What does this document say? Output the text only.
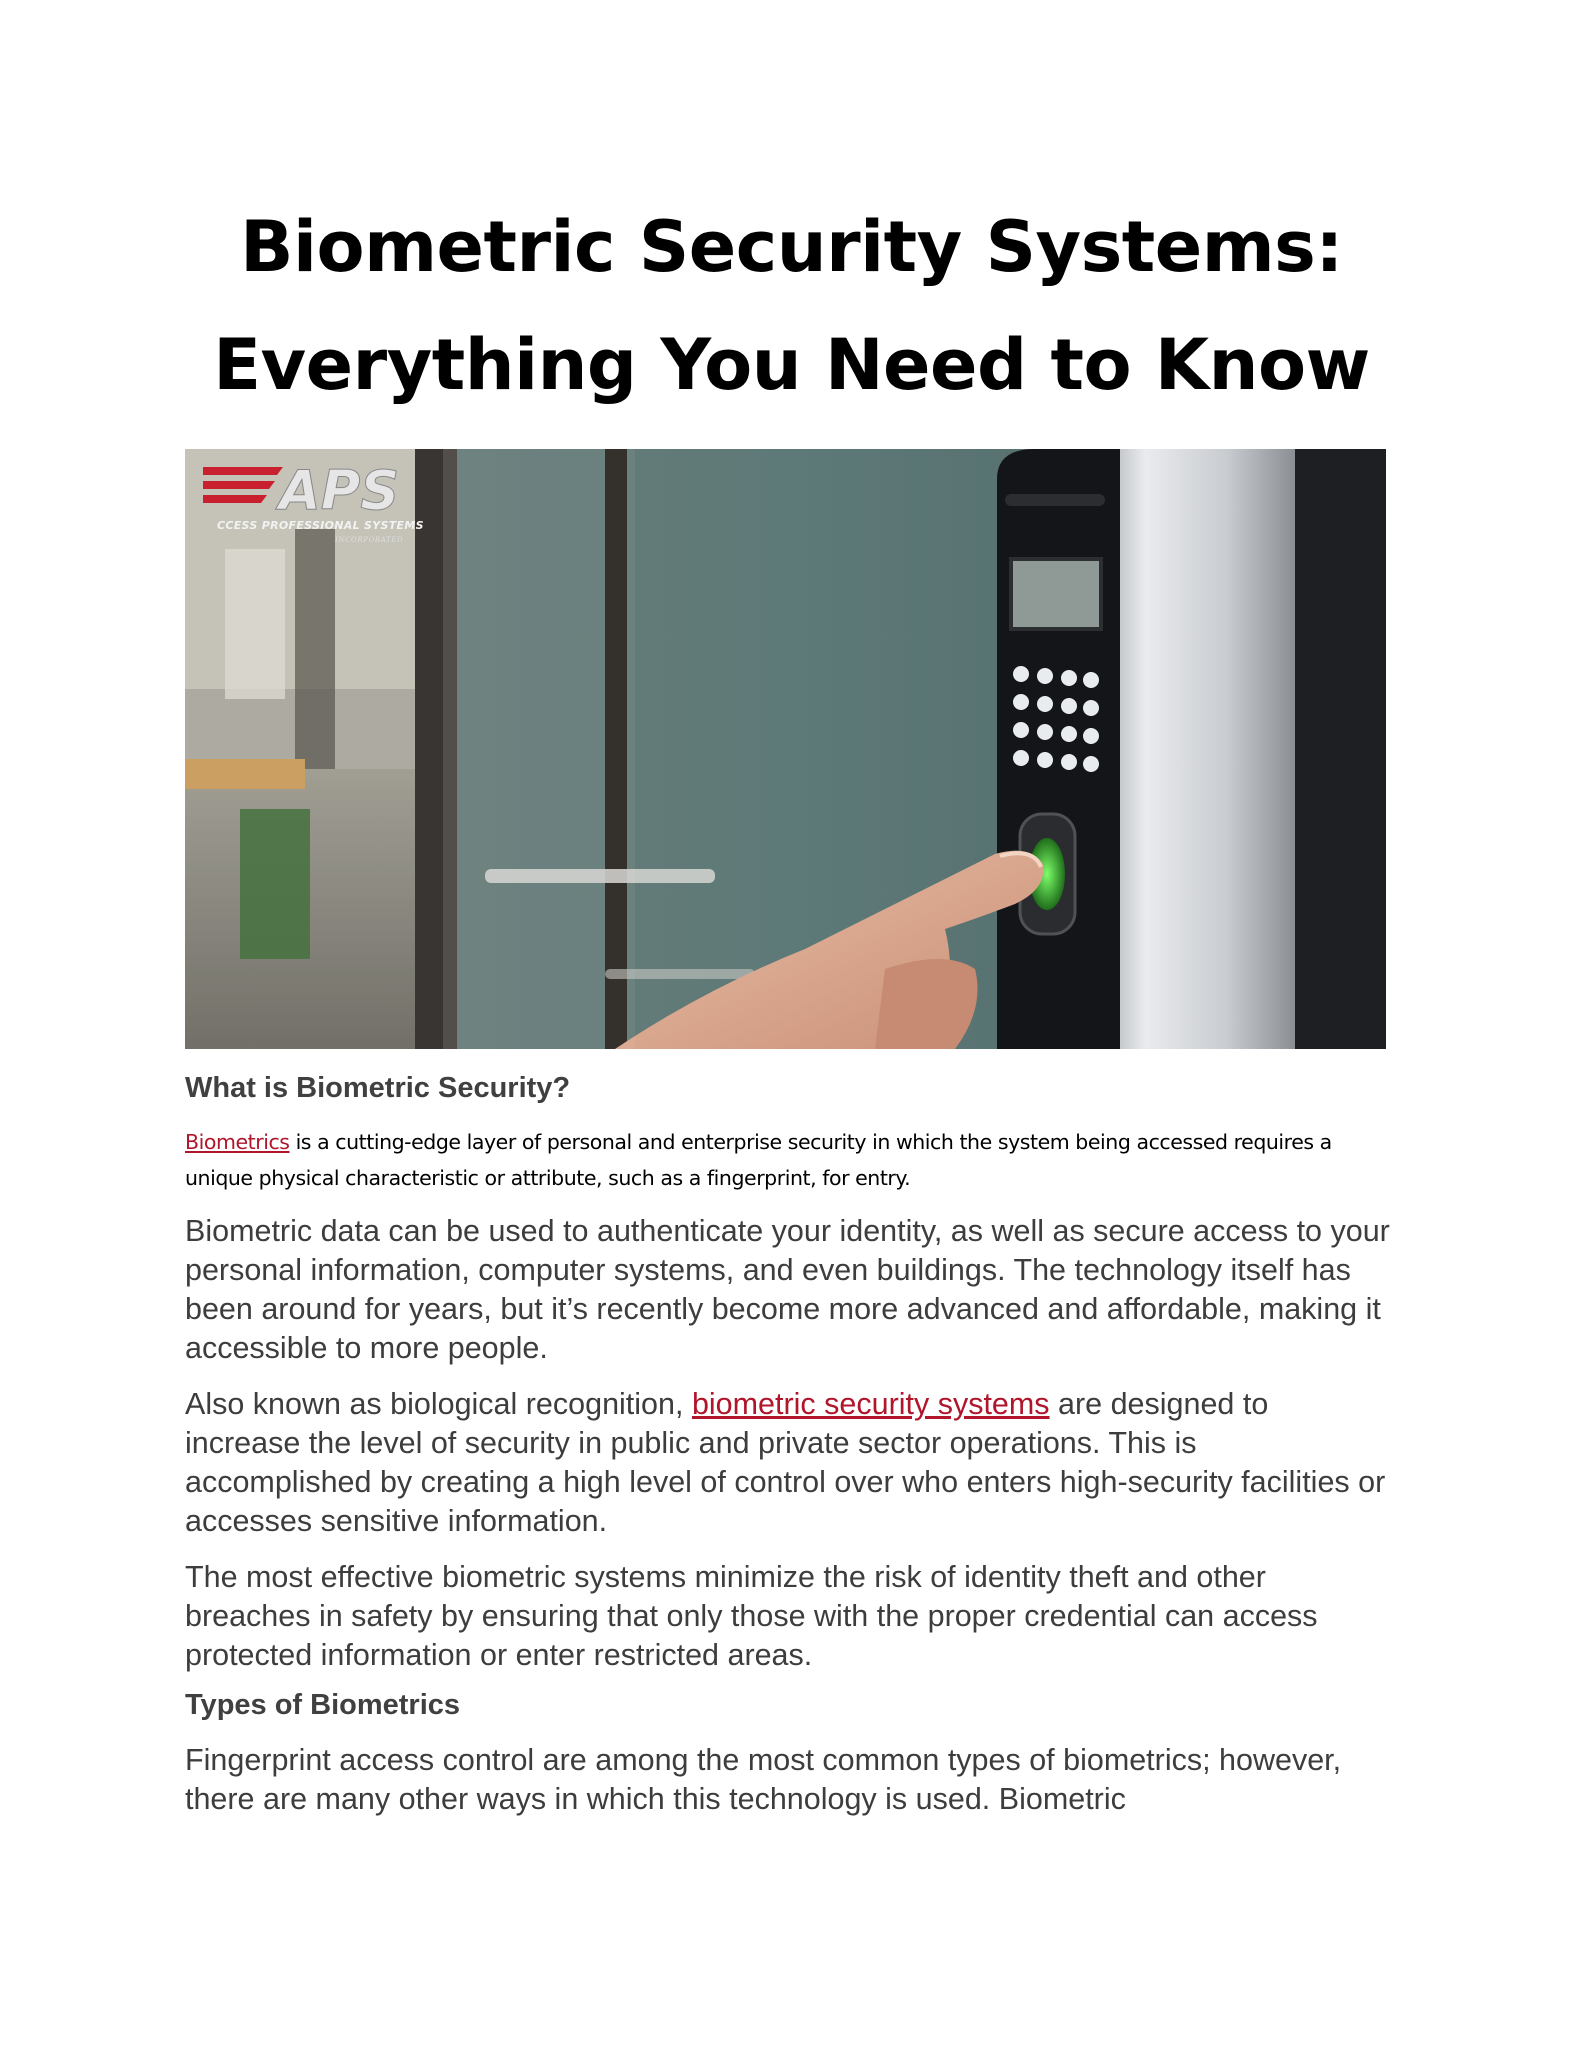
Biometric Security Systems:
Everything You Need to Know
APS
CCESS PROFESSIONAL SYSTEMS
INCORPORATED
What is Biometric Security?

Biometrics is a cutting-edge layer of personal and enterprise security in which the system being accessed requires a unique physical characteristic or attribute, such as a fingerprint, for entry.

Biometric data can be used to authenticate your identity, as well as secure access to your personal information, computer systems, and even buildings. The technology itself has been around for years, but it’s recently become more advanced and affordable, making it accessible to more people.

Also known as biological recognition, biometric security systems are designed to increase the level of security in public and private sector operations. This is accomplished by creating a high level of control over who enters high-security facilities or accesses sensitive information.

The most effective biometric systems minimize the risk of identity theft and other breaches in safety by ensuring that only those with the proper credential can access protected information or enter restricted areas.

Types of Biometrics

Fingerprint access control are among the most common types of biometrics; however, there are many other ways in which this technology is used. Biometric
